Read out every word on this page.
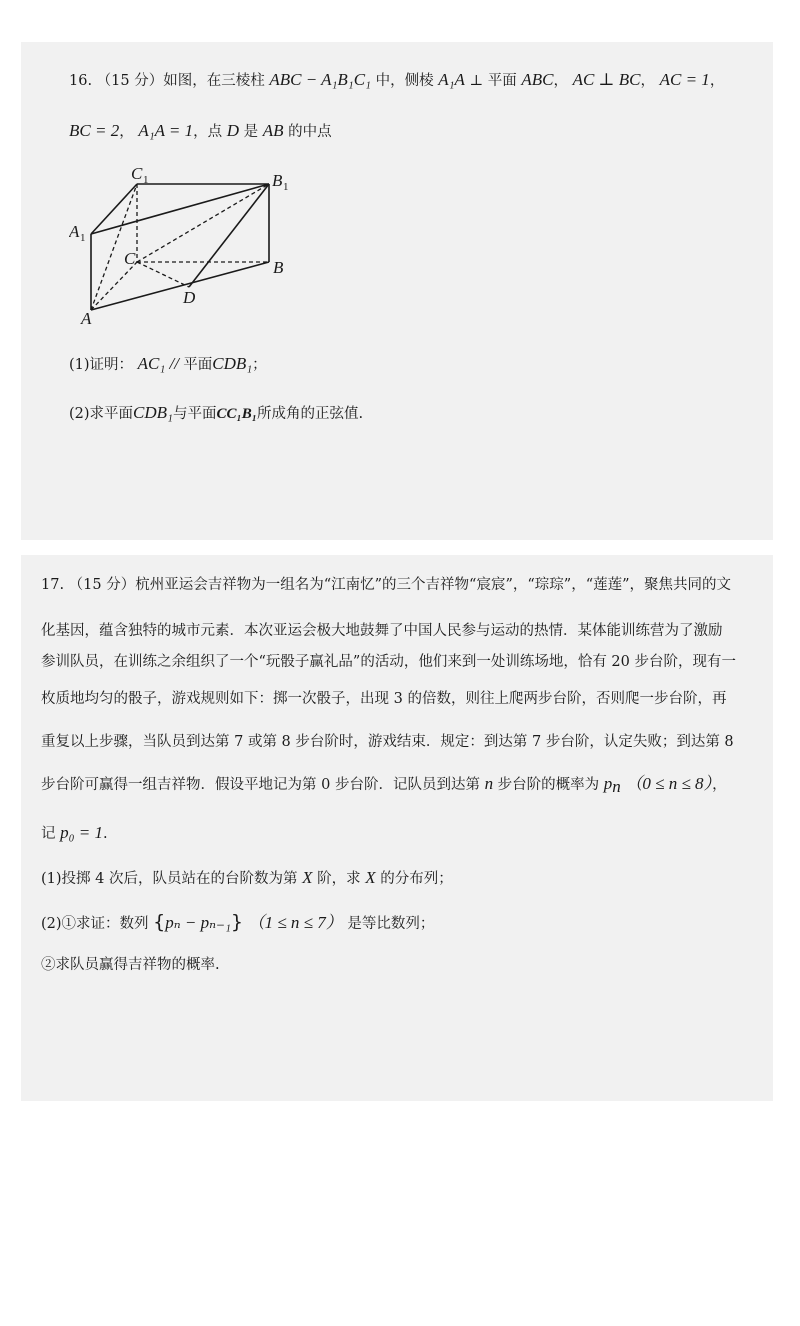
16. （15 分）如图，在三棱柱 ABC − A₁B₁C₁ 中，侧棱 A₁A ⊥ 平面 ABC， AC ⊥ BC， AC = 1，
BC = 2， A₁A = 1，点 D 是 AB 的中点
C 1	B 1
A 1
C	B
D
A
(1)证明： AC₁ // 平面CDB₁；
(2)求平面CDB₁与平面CC₁B₁所成角的正弦值.
17. （15 分）杭州亚运会吉祥物为一组名为“江南忆”的三个吉祥物“宸宸”，“琮琮”，“莲莲”，聚焦共同的文
化基因，蕴含独特的城市元素．本次亚运会极大地鼓舞了中国人民参与运动的热情．某体能训练营为了激励
参训队员，在训练之余组织了一个“玩骰子赢礼品”的活动，他们来到一处训练场地，恰有 20 步台阶，现有一
枚质地均匀的骰子，游戏规则如下：掷一次骰子，出现 3 的倍数，则往上爬两步台阶，否则爬一步台阶，再
重复以上步骤，当队员到达第 7 或第 8 步台阶时，游戏结束．规定：到达第 7 步台阶，认定失败；到达第 8
步台阶可赢得一组吉祥物．假设平地记为第 0 步台阶．记队员到达第 n 步台阶的概率为 $p_n$ （0 ≤ n ≤ 8），
记 p₀ = 1.
(1)投掷 4 次后，队员站在的台阶数为第 X 阶，求 X 的分布列；
(2)①求证：数列 {pₙ − pₙ₋₁} （1 ≤ n ≤ 7） 是等比数列；
②求队员赢得吉祥物的概率.
